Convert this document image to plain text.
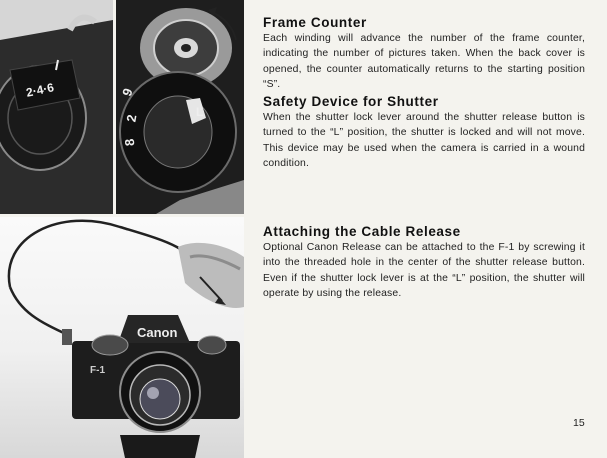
2·4·6	9
2
8
L
Canon
F-1
Frame Counter

Each winding will advance the number of the frame counter, indicating the number of pictures taken. When the back cover is opened, the counter automatically returns to the starting position “S”.

Safety Device for Shutter

When the shutter lock lever around the shutter release button is turned to the “L” position, the shutter is locked and will not move. This device may be used when the camera is carried in a wound condition.

Attaching the Cable Release

Optional Canon Release can be attached to the F-1 by screwing it into the threaded hole in the center of the shutter release button. Even if the shutter lock lever is at the “L” position, the shutter will operate by using the release.

15
